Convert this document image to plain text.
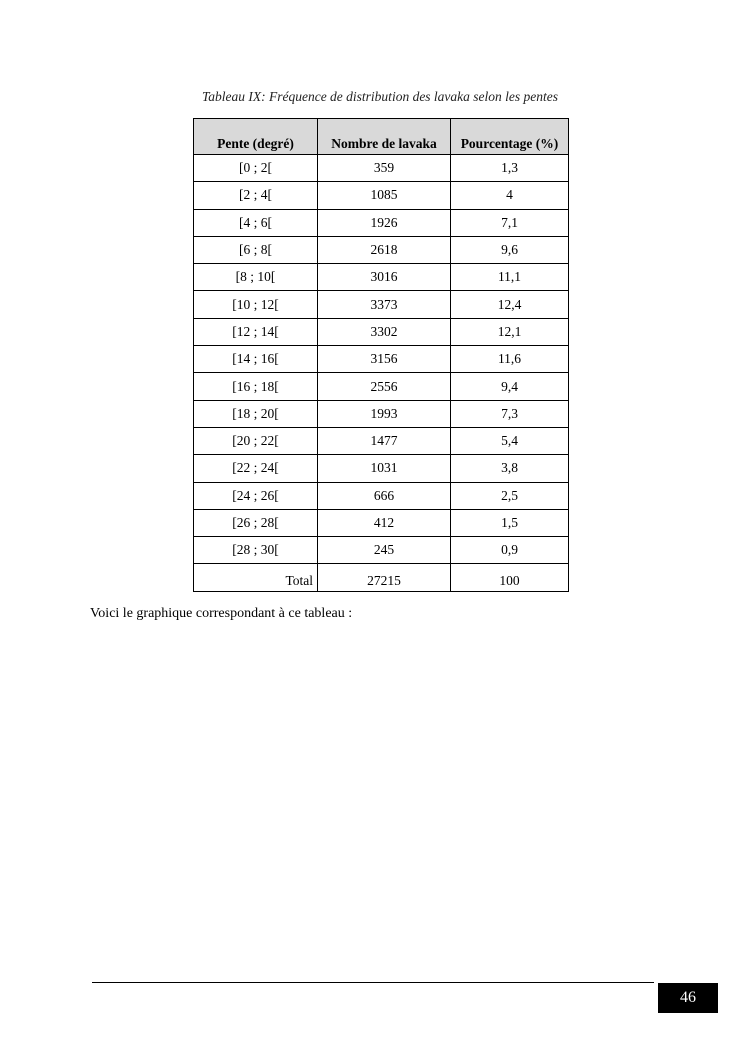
Tableau IX: Fréquence de distribution des lavaka selon les pentes
Pente (degré)	Nombre de lavaka	Pourcentage (%)
[0 ; 2[	359	1,3
[2 ; 4[	1085	4
[4 ; 6[	1926	7,1
[6 ; 8[	2618	9,6
[8 ; 10[	3016	11,1
[10 ; 12[	3373	12,4
[12 ; 14[	3302	12,1
[14 ; 16[	3156	11,6
[16 ; 18[	2556	9,4
[18 ; 20[	1993	7,3
[20 ; 22[	1477	5,4
[22 ; 24[	1031	3,8
[24 ; 26[	666	2,5
[26 ; 28[	412	1,5
[28 ; 30[	245	0,9
Total	27215	100
Voici le graphique correspondant à ce tableau :
46
